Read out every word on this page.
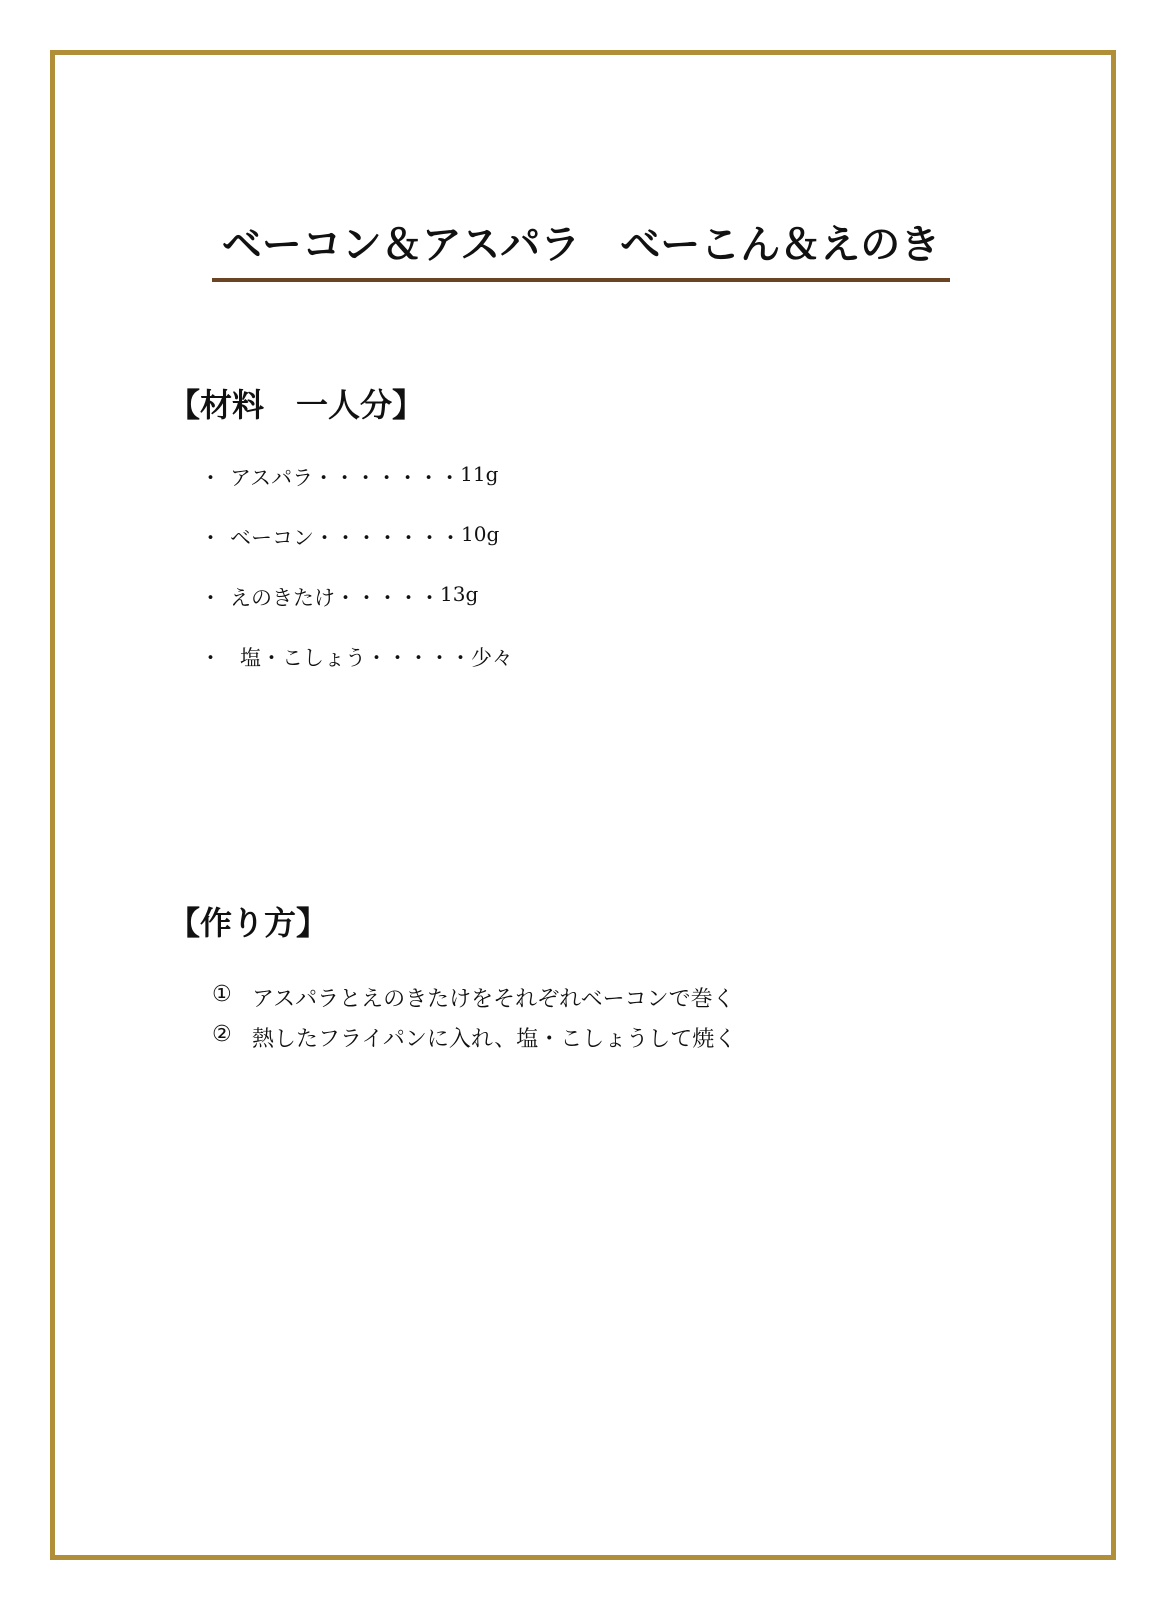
ベーコン＆アスパラ　べーこん＆えのき
【材料　一人分】
・ アスパラ・・・・・・・ 11g
・ ベーコン・・・・・・・ 10g
・ えのきたけ・・・・・ 13g
・ 塩・こしょう・・・・・ 少々
【作り方】
① アスパラとえのきたけをそれぞれベーコンで巻く
② 熱したフライパンに入れ、塩・こしょうして焼く
